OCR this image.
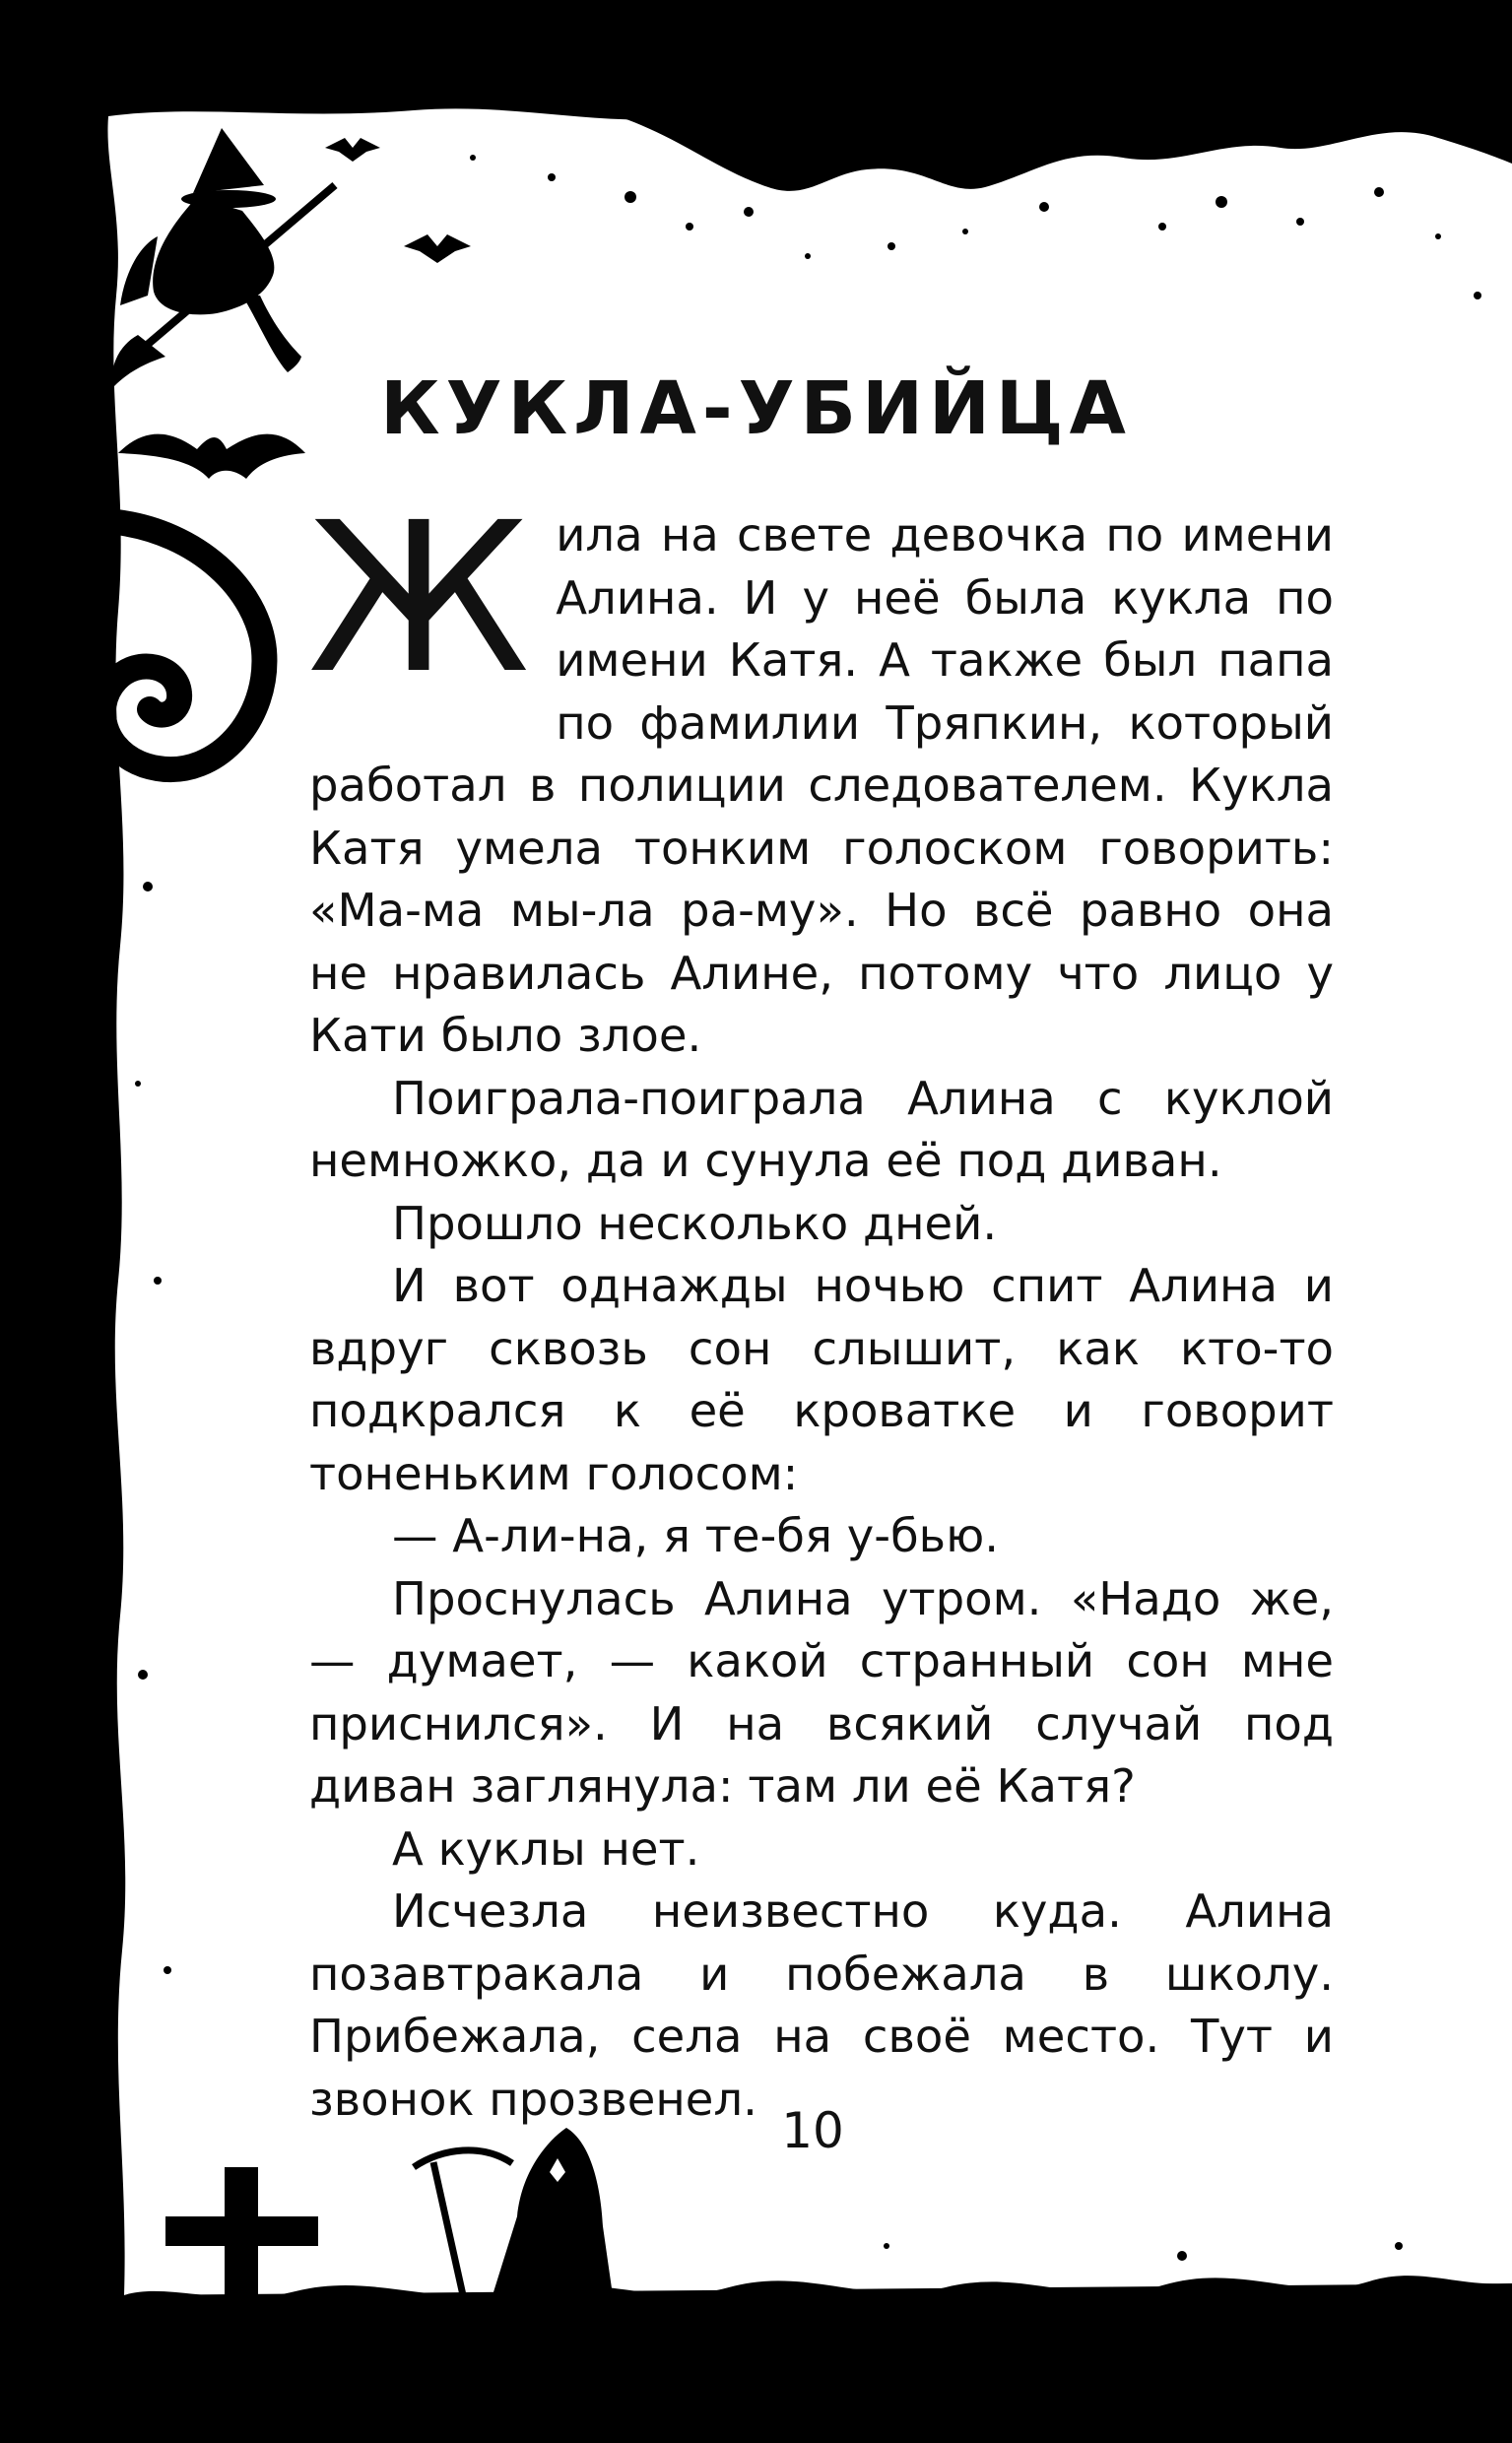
КУКЛА-УБИЙЦА

Жила на свете девочка по имени Алина. И у неё была кукла по имени Катя. А также был папа по фамилии Тряпкин, который работал в полиции следователем. Кукла Катя умела тонким голоском говорить: «Ма-ма мы-ла ра-му». Но всё равно она не нравилась Алине, потому что лицо у Кати было злое.

Поиграла-поиграла Алина с куклой немножко, да и сунула её под диван.

Прошло несколько дней.

И вот однажды ночью спит Алина и вдруг сквозь сон слышит, как кто-то подкрался к её кроватке и говорит тоненьким голосом:

— А-ли-на, я те-бя у-бью.

Проснулась Алина утром. «Надо же, — думает, — какой странный сон мне приснился». И на всякий случай под диван заглянула: там ли её Катя?

А куклы нет.

Исчезла неизвестно куда. Алина позавтракала и побежала в школу. Прибежала, села на своё место. Тут и звонок прозвенел.

10
